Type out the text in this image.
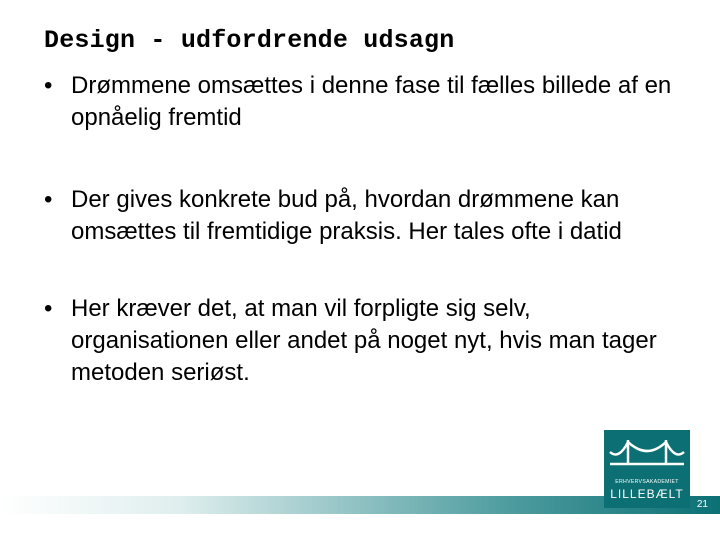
Design - udfordrende udsagn
• Drømmene omsættes i denne fase til fælles billede af en opnåelig fremtid
• Der gives konkrete bud på, hvordan drømmene kan omsættes til fremtidige praksis. Her tales ofte i datid
• Her kræver det, at man vil forpligte sig selv, organisationen eller andet på noget nyt, hvis man tager metoden seriøst.
21
ERHVERVSAKADEMIET
LILLEBÆLT
